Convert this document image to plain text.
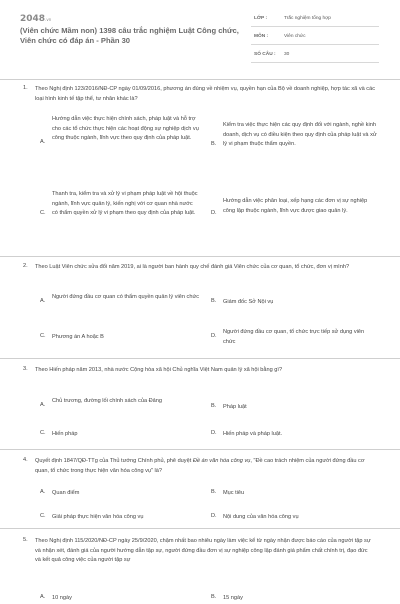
2048.vn
(Viên chức Mầm non) 1398 câu trắc nghiệm Luật Công chức, Viên chức có đáp án - Phần 30
LỚP :	Trắc nghiệm tổng hợp
MÔN :	Viên chức
SỐ CÂU : 30
1. Theo Nghị định 123/2016/NĐ-CP ngày 01/09/2016, phương án đúng về nhiệm vụ, quyền hạn của Bộ về doanh nghiệp, hợp tác xã và các loại hình kinh tế tập thể, tư nhân khác là?
A.
Hướng dẫn việc thực hiện chính sách, pháp luật và hỗ trợ cho các tổ chức thực hiện các hoạt động sự nghiệp dịch vụ công thuộc ngành, lĩnh vực theo quy định của pháp luật.
B.
Kiểm tra việc thực hiện các quy định đối với ngành, nghề kinh doanh, dịch vụ có điều kiện theo quy định của pháp luật và xử lý vi phạm thuộc thẩm quyền.
C.
Thanh tra, kiểm tra và xử lý vi phạm pháp luật về hội thuộc ngành, lĩnh vực quản lý, kiến nghị với cơ quan nhà nước có thẩm quyền xử lý vi phạm theo quy định của pháp luật.	D.
Hướng dẫn việc phân loại, xếp hạng các đơn vị sự nghiệp công lập thuộc ngành, lĩnh vực được giao quản lý.
2. Theo Luật Viên chức sửa đổi năm 2019, ai là người ban hành quy chế đánh giá Viên chức của cơ quan, tổ chức, đơn vị mình?
A.
Người đứng đầu cơ quan có thẩm quyền quản lý viên chức
B. Giám đốc Sở Nội vụ
C. Phương án A hoặc B	D.
Người đứng đầu cơ quan, tổ chức trực tiếp sử dụng viên chức
3. Theo Hiến pháp năm 2013, nhà nước Cộng hòa xã hội Chủ nghĩa Việt Nam quản lý xã hội bằng gì?
A.
Chủ trương, đường lối chính sách của Đảng
B. Pháp luật
C. Hiến pháp	D. Hiến pháp và pháp luật.
4. Quyết định 1847/QĐ-TTg của Thủ tướng Chính phủ, phê duyệt Đề án văn hóa công vụ, "Đề cao trách nhiệm của người đứng đầu cơ quan, tổ chức trong thực hiện văn hóa công vụ" là?
A. Quan điểm	B. Mục tiêu
C. Giải pháp thực hiện văn hóa công vụ	D. Nội dung của văn hóa công vụ
5. Theo Nghị định 115/2020/NĐ-CP ngày 25/9/2020, chậm nhất bao nhiêu ngày làm việc kể từ ngày nhận được báo cáo của người tập sự và nhận xét, đánh giá của người hướng dẫn tập sự, người đứng đầu đơn vị sự nghiệp công lập đánh giá phẩm chất chính trị, đạo đức và kết quả công việc của người tập sự
A. 10 ngày	B. 15 ngày
